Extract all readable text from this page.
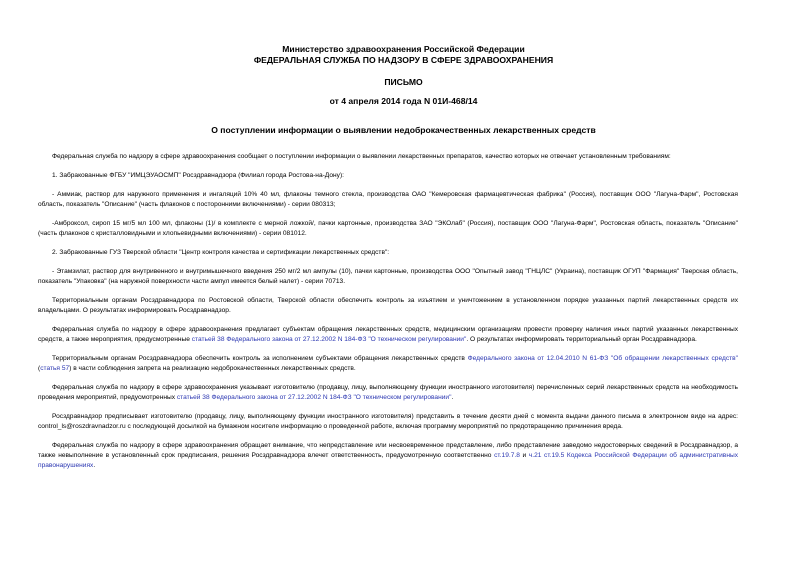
Министерство здравоохранения Российской Федерации
ФЕДЕРАЛЬНАЯ СЛУЖБА ПО НАДЗОРУ В СФЕРЕ ЗДРАВООХРАНЕНИЯ
ПИСЬМО
от 4 апреля 2014 года N 01И-468/14
О поступлении информации о выявлении недоброкачественных лекарственных средств

Федеральная служба по надзору в сфере здравоохранения сообщает о поступлении информации о выявлении лекарственных препаратов, качество которых не отвечает установленным требованиям:

1. Забракованные ФГБУ "ИМЦЭУАОСМП" Росздравнадзора (Филиал города Ростова-на-Дону):

- Аммиак, раствор для наружного применения и ингаляций 10% 40 мл, флаконы темного стекла, производства ОАО "Кемеровская фармацевтическая фабрика" (Россия), поставщик ООО "Лагуна-Фарм", Ростовская область, показатель "Описание" (часть флаконов с посторонними включениями) - серии 080313;

-Амброксол, сироп 15 мг/5 мл 100 мл, флаконы (1)/ в комплекте с мерной ложкой/, пачки картонные, производства ЗАО "ЭКОлаб" (Россия), поставщик ООО "Лагуна-Фарм", Ростовская область, показатель "Описание" (часть флаконов с кристалловидными и хлопьевидными включениями) - серии 081012.

2. Забракованные ГУЗ Тверской области "Центр контроля качества и сертификации лекарственных средств":

- Этамзилат, раствор для внутривенного и внутримышечного введения 250 мг/2 мл ампулы (10), пачки картонные, производства ООО "Опытный завод "ГНЦЛС" (Украина), поставщик ОГУП "Фармация" Тверская область, показатель "Упаковка" (на наружной поверхности части ампул имеется белый налет) - серии 70713.

Территориальным органам Росздравнадзора по Ростовской области, Тверской области обеспечить контроль за изъятием и уничтожением в установленном порядке указанных партий лекарственных средств их владельцами. О результатах информировать Росздравнадзор.

Федеральная служба по надзору в сфере здравоохранения предлагает субъектам обращения лекарственных средств, медицинским организациям провести проверку наличия иных партий указанных лекарственных средств, а также мероприятия, предусмотренные статьей 38 Федерального закона от 27.12.2002 N 184-ФЗ "О техническом регулировании". О результатах информировать территориальный орган Росздравнадзора.

Территориальным органам Росздравнадзора обеспечить контроль за исполнением субъектами обращения лекарственных средств Федерального закона от 12.04.2010 N 61-ФЗ "Об обращении лекарственных средств" (статья 57) в части соблюдения запрета на реализацию недоброкачественных лекарственных средств.

Федеральная служба по надзору в сфере здравоохранения указывает изготовителю (продавцу, лицу, выполняющему функции иностранного изготовителя) перечисленных серий лекарственных средств на необходимость проведения мероприятий, предусмотренных статьей 38 Федерального закона от 27.12.2002 N 184-ФЗ "О техническом регулировании".

Росздравнадзор предписывает изготовителю (продавцу, лицу, выполняющему функции иностранного изготовителя) представить в течение десяти дней с момента выдачи данного письма в электронном виде на адрес: control_ls@roszdravnadzor.ru с последующей досылкой на бумажном носителе информацию о проведенной работе, включая программу мероприятий по предотвращению причинения вреда.

Федеральная служба по надзору в сфере здравоохранения обращает внимание, что непредставление или несвоевременное представление, либо представление заведомо недостоверных сведений в Росздравнадзор, а также невыполнение в установленный срок предписания, решения Росздравнадзора влечет ответственность, предусмотренную соответственно ст.19.7.8 и ч.21 ст.19.5 Кодекса Российской Федерации об административных правонарушениях.
